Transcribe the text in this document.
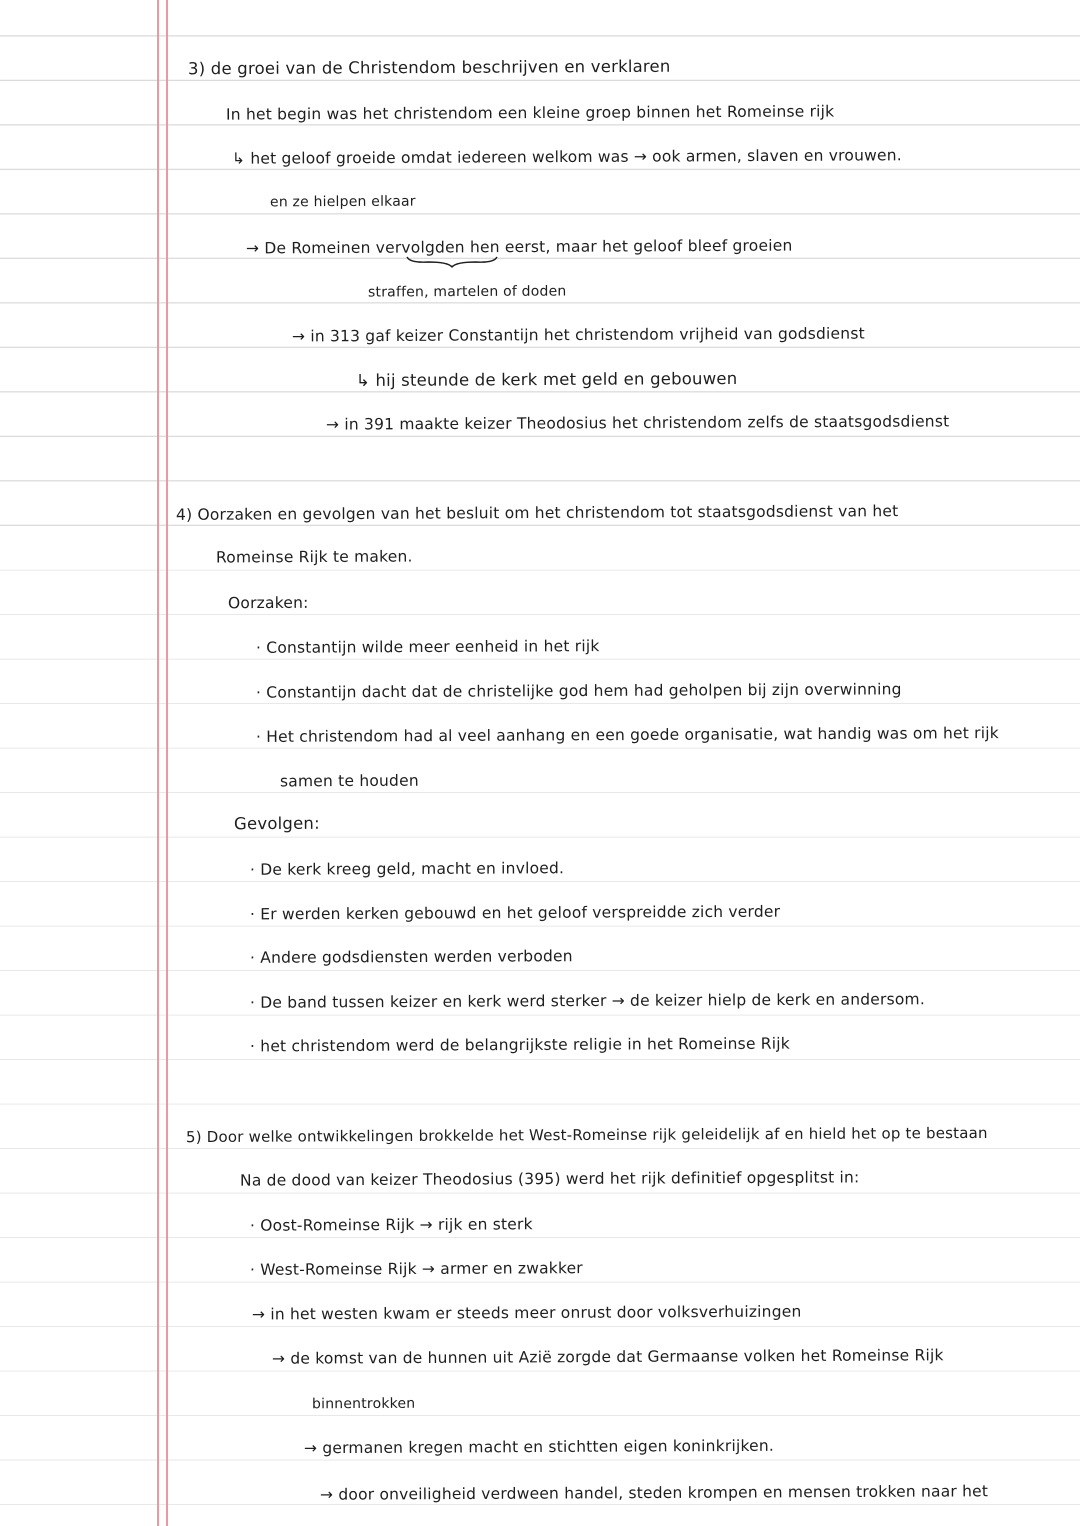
3) de groei van de Christendom beschrijven en verklaren
In het begin was het christendom een kleine groep binnen het Romeinse rijk
↳ het geloof groeide omdat iedereen welkom was → ook armen, slaven en vrouwen.
en ze hielpen elkaar
→ De Romeinen vervolgden hen eerst, maar het geloof bleef groeien
straffen, martelen of doden
→ in 313 gaf keizer Constantijn het christendom vrijheid van godsdienst
↳ hij steunde de kerk met geld en gebouwen
→ in 391 maakte keizer Theodosius het christendom zelfs de staatsgodsdienst
4) Oorzaken en gevolgen van het besluit om het christendom tot staatsgodsdienst van het
Romeinse Rijk te maken.
Oorzaken:
· Constantijn wilde meer eenheid in het rijk
· Constantijn dacht dat de christelijke god hem had geholpen bij zijn overwinning
· Het christendom had al veel aanhang en een goede organisatie, wat handig was om het rijk
samen te houden
Gevolgen:
· De kerk kreeg geld, macht en invloed.
· Er werden kerken gebouwd en het geloof verspreidde zich verder
· Andere godsdiensten werden verboden
· De band tussen keizer en kerk werd sterker → de keizer hielp de kerk en andersom.
· het christendom werd de belangrijkste religie in het Romeinse Rijk
5) Door welke ontwikkelingen brokkelde het West-Romeinse rijk geleidelijk af en hield het op te bestaan
Na de dood van keizer Theodosius (395) werd het rijk definitief opgesplitst in:
· Oost-Romeinse Rijk → rijk en sterk
· West-Romeinse Rijk → armer en zwakker
→ in het westen kwam er steeds meer onrust door volksverhuizingen
→ de komst van de hunnen uit Azië zorgde dat Germaanse volken het Romeinse Rijk
binnentrokken
→ germanen kregen macht en stichtten eigen koninkrijken.
→ door onveiligheid verdween handel, steden krompen en mensen trokken naar het
